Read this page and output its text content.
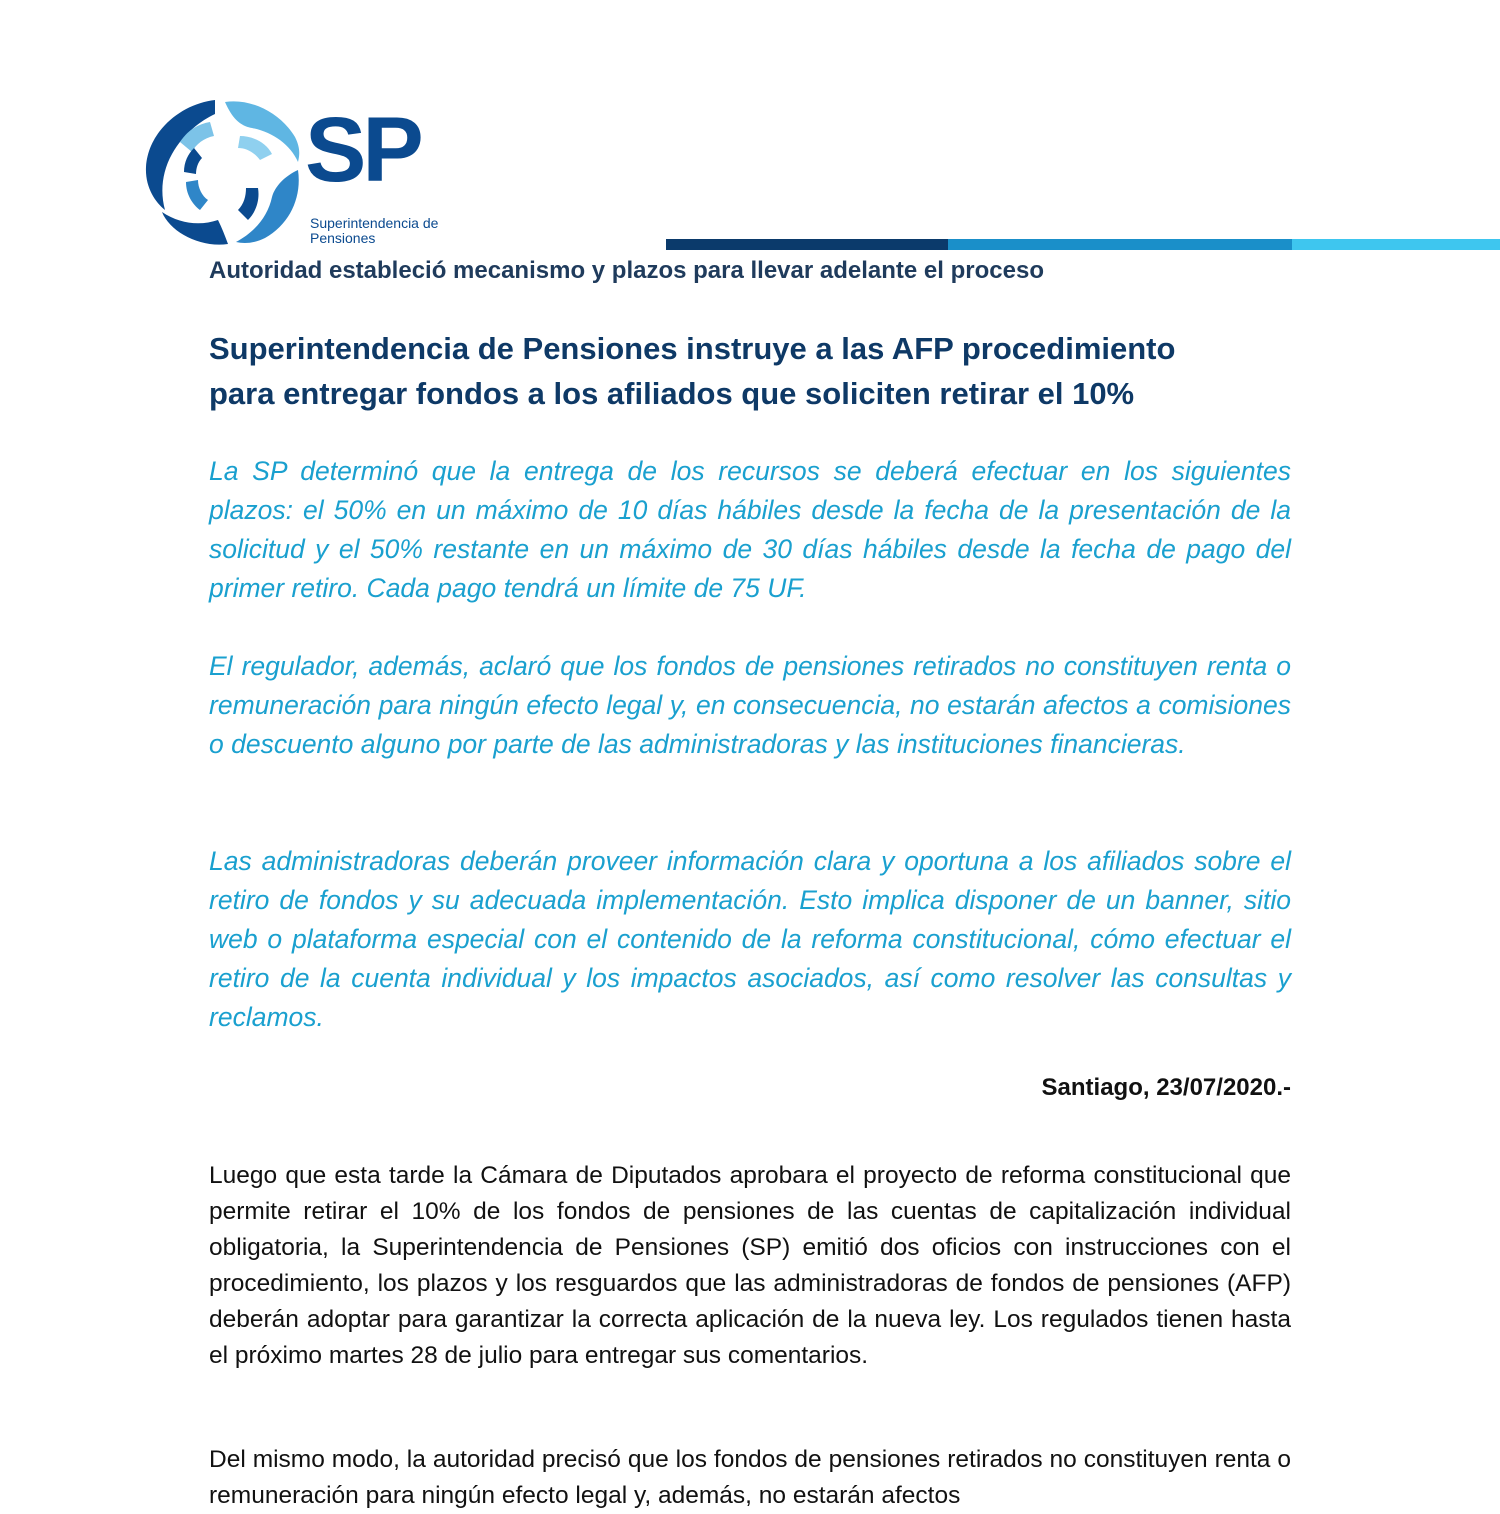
SP
Superintendencia de
Pensiones

Autoridad estableció mecanismo y plazos para llevar adelante el proceso

Superintendencia de Pensiones instruye a las AFP procedimiento
para entregar fondos a los afiliados que soliciten retirar el 10%

La SP determinó que la entrega de los recursos se deberá efectuar en los siguientes plazos: el 50% en un máximo de 10 días hábiles desde la fecha de la presentación de la solicitud y el 50% restante en un máximo de 30 días hábiles desde la fecha de pago del primer retiro. Cada pago tendrá un límite de 75 UF.

El regulador, además, aclaró que los fondos de pensiones retirados no constituyen renta o remuneración para ningún efecto legal y, en consecuencia, no estarán afectos a comisiones o descuento alguno por parte de las administradoras y las instituciones financieras.

Las administradoras deberán proveer información clara y oportuna a los afiliados sobre el retiro de fondos y su adecuada implementación. Esto implica disponer de un banner, sitio web o plataforma especial con el contenido de la reforma constitucional, cómo efectuar el retiro de la cuenta individual y los impactos asociados, así como resolver las consultas y reclamos.

Santiago, 23/07/2020.-

Luego que esta tarde la Cámara de Diputados aprobara el proyecto de reforma constitucional que permite retirar el 10% de los fondos de pensiones de las cuentas de capitalización individual obligatoria, la Superintendencia de Pensiones (SP) emitió dos oficios con instrucciones con el procedimiento, los plazos y los resguardos que las administradoras de fondos de pensiones (AFP) deberán adoptar para garantizar la correcta aplicación de la nueva ley. Los regulados tienen hasta el próximo martes 28 de julio para entregar sus comentarios.

Del mismo modo, la autoridad precisó que los fondos de pensiones retirados no constituyen renta o remuneración para ningún efecto legal y, además, no estarán afectos
